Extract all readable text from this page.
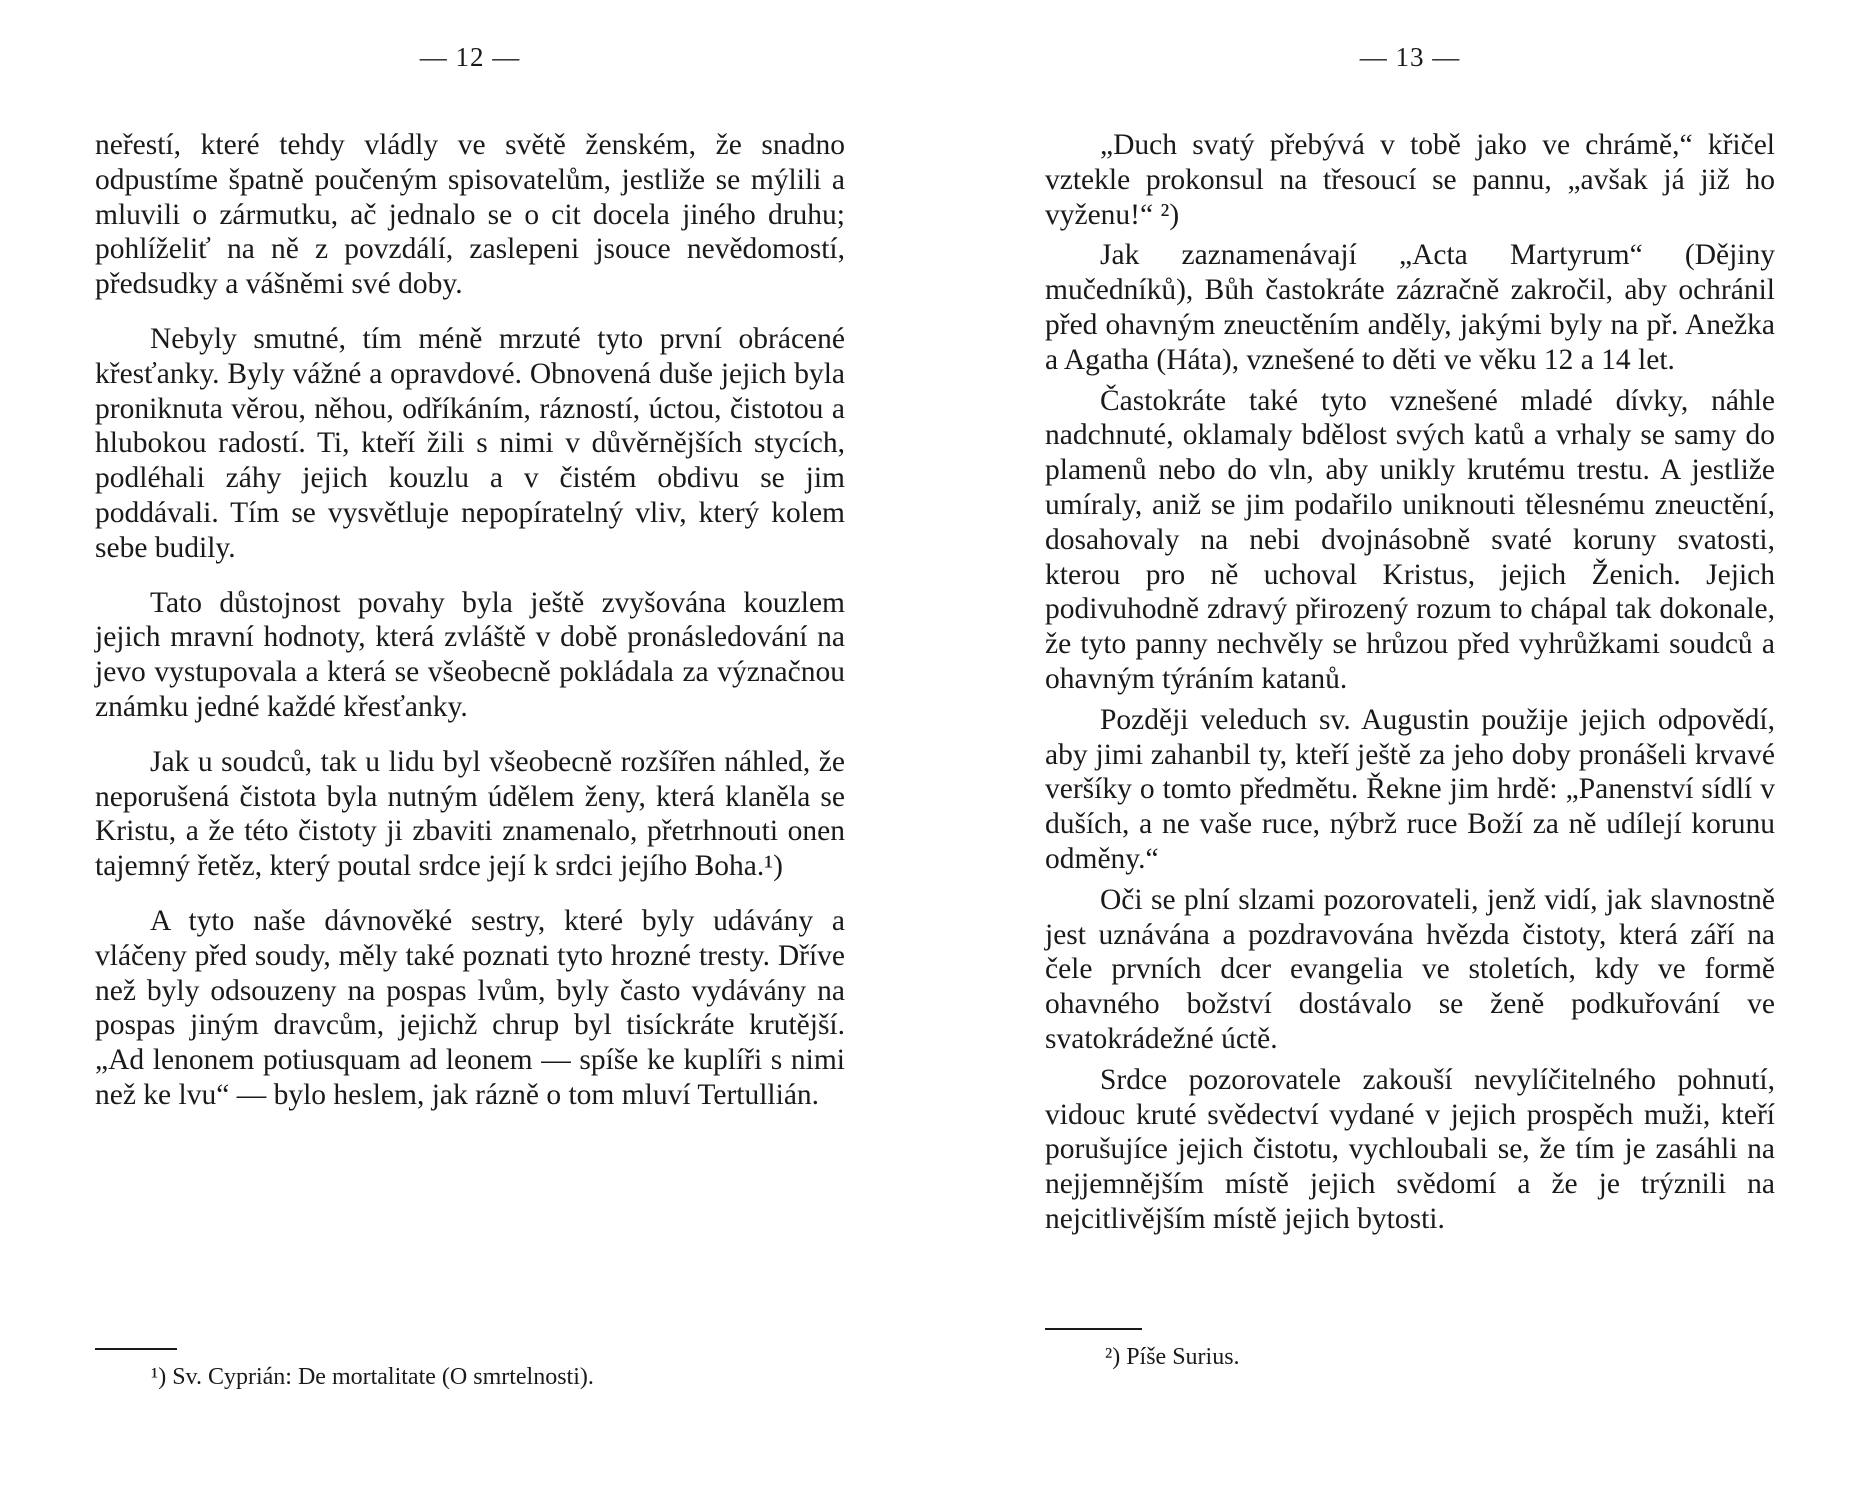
— 12 —

neřestí, které tehdy vládly ve světě ženském, že snadno odpustíme špatně poučeným spisovatelům, jestliže se mýlili a mluvili o zármutku, ač jednalo se o cit docela jiného druhu; pohlíželiť na ně z povzdálí, zaslepeni jsouce nevědomostí, předsudky a vášněmi své doby.

Nebyly smutné, tím méně mrzuté tyto první obrácené křesťanky. Byly vážné a opravdové. Obnovená duše jejich byla proniknuta věrou, něhou, odříkáním, rázností, úctou, čistotou a hlubokou radostí. Ti, kteří žili s nimi v důvěrnějších stycích, podléhali záhy jejich kouzlu a v čistém obdivu se jim poddávali. Tím se vysvětluje nepopíratelný vliv, který kolem sebe budily.

Tato důstojnost povahy byla ještě zvyšována kouzlem jejich mravní hodnoty, která zvláště v době pronásledování na jevo vystupovala a která se všeobecně pokládala za význačnou známku jedné každé křesťanky.

Jak u soudců, tak u lidu byl všeobecně rozšířen náhled, že neporušená čistota byla nutným údělem ženy, která klaněla se Kristu, a že této čistoty ji zbaviti znamenalo, přetrhnouti onen tajemný řetěz, který poutal srdce její k srdci jejího Boha.¹)

A tyto naše dávnověké sestry, které byly udávány a vláčeny před soudy, měly také poznati tyto hrozné tresty. Dříve než byly odsouzeny na pospas lvům, byly často vydávány na pospas jiným dravcům, jejichž chrup byl tisíckráte krutější. „Ad lenonem potiusquam ad leonem — spíše ke kuplíři s nimi než ke lvu“ — bylo heslem, jak rázně o tom mluví Tertullián.

¹) Sv. Cyprián: De mortalitate (O smrtelnosti).
— 13 —

„Duch svatý přebývá v tobě jako ve chrámě,“ křičel vztekle prokonsul na třesoucí se pannu, „avšak já již ho vyženu!“ ²)

Jak zaznamenávají „Acta Martyrum“ (Dějiny mučedníků), Bůh častokráte zázračně zakročil, aby ochránil před ohavným zneuctěním anděly, jakými byly na př. Anežka a Agatha (Háta), vznešené to děti ve věku 12 a 14 let.

Častokráte také tyto vznešené mladé dívky, náhle nadchnuté, oklamaly bdělost svých katů a vrhaly se samy do plamenů nebo do vln, aby unikly krutému trestu. A jestliže umíraly, aniž se jim podařilo uniknouti tělesnému zneuctění, dosahovaly na nebi dvojnásobně svaté koruny svatosti, kterou pro ně uchoval Kristus, jejich Ženich. Jejich podivuhodně zdravý přirozený rozum to chápal tak dokonale, že tyto panny nechvěly se hrůzou před vyhrůžkami soudců a ohavným týráním katanů.

Později veleduch sv. Augustin použije jejich odpovědí, aby jimi zahanbil ty, kteří ještě za jeho doby pronášeli krvavé veršíky o tomto předmětu. Řekne jim hrdě: „Panenství sídlí v duších, a ne vaše ruce, nýbrž ruce Boží za ně udílejí korunu odměny.“

Oči se plní slzami pozorovateli, jenž vidí, jak slavnostně jest uznávána a pozdravována hvězda čistoty, která září na čele prvních dcer evangelia ve stoletích, kdy ve formě ohavného božství dostávalo se ženě podkuřování ve svatokrádežné úctě.

Srdce pozorovatele zakouší nevylíčitelného pohnutí, vidouc kruté svědectví vydané v jejich prospěch muži, kteří porušujíce jejich čistotu, vychloubali se, že tím je zasáhli na nejjemnějším místě jejich svědomí a že je trýznili na nejcitlivějším místě jejich bytosti.

²) Píše Surius.
